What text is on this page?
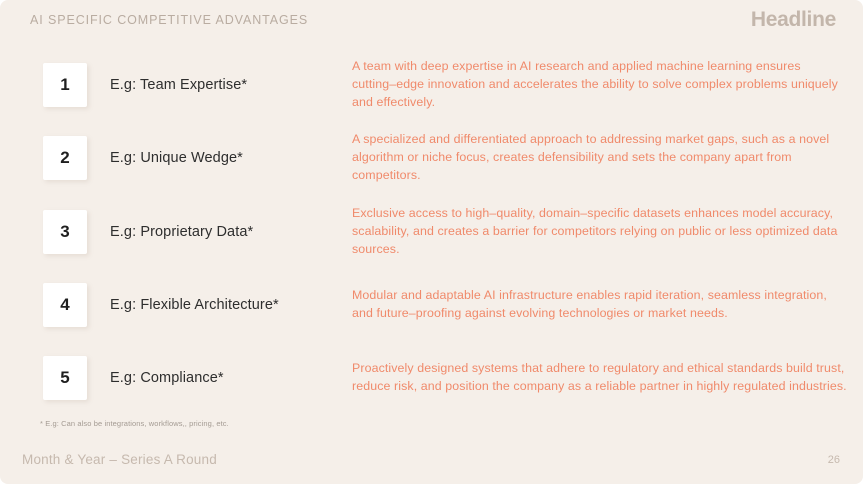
AI SPECIFIC COMPETITIVE ADVANTAGES	Headline
1	E.g: Team Expertise*
A team with deep expertise in AI research and applied machine learning ensures cutting–edge innovation and accelerates the ability to solve complex problems uniquely and effectively.
2	E.g: Unique Wedge*
A specialized and differentiated approach to addressing market gaps, such as a novel algorithm or niche focus, creates defensibility and sets the company apart from competitors.
3	E.g: Proprietary Data*
Exclusive access to high–quality, domain–specific datasets enhances model accuracy, scalability, and creates a barrier for competitors relying on public or less optimized data sources.
4	E.g: Flexible Architecture*
Modular and adaptable AI infrastructure enables rapid iteration, seamless integration, and future–proofing against evolving technologies or market needs.
5	E.g: Compliance*
Proactively designed systems that adhere to regulatory and ethical standards build trust, reduce risk, and position the company as a reliable partner in highly regulated industries.
* E.g: Can also be integrations, workflows,, pricing, etc.
Month & Year – Series A Round	26
